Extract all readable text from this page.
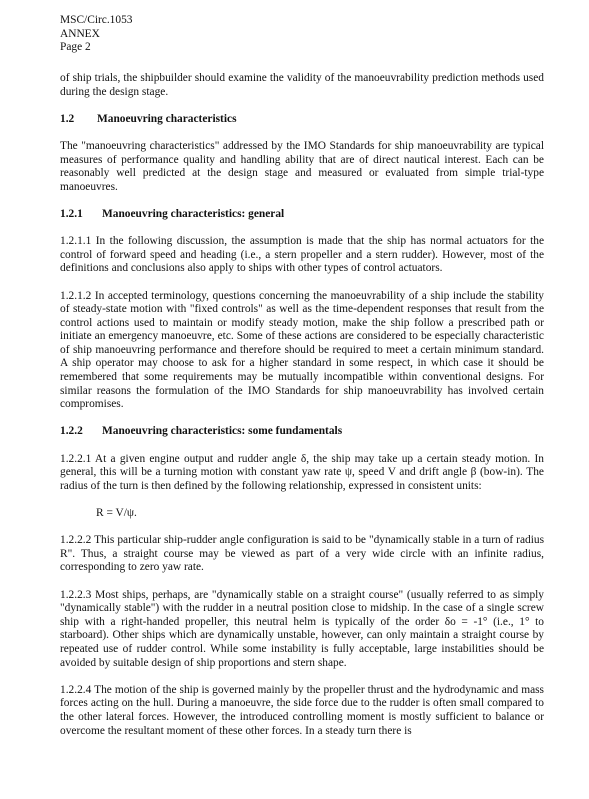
MSC/Circ.1053
ANNEX
Page 2

of ship trials, the shipbuilder should examine the validity of the manoeuvrability prediction methods used during the design stage.

1.2 Manoeuvring characteristics

The "manoeuvring characteristics" addressed by the IMO Standards for ship manoeuvrability are typical measures of performance quality and handling ability that are of direct nautical interest. Each can be reasonably well predicted at the design stage and measured or evaluated from simple trial-type manoeuvres.

1.2.1 Manoeuvring characteristics: general

1.2.1.1 In the following discussion, the assumption is made that the ship has normal actuators for the control of forward speed and heading (i.e., a stern propeller and a stern rudder). However, most of the definitions and conclusions also apply to ships with other types of control actuators.

1.2.1.2 In accepted terminology, questions concerning the manoeuvrability of a ship include the stability of steady-state motion with "fixed controls" as well as the time-dependent responses that result from the control actions used to maintain or modify steady motion, make the ship follow a prescribed path or initiate an emergency manoeuvre, etc. Some of these actions are considered to be especially characteristic of ship manoeuvring performance and therefore should be required to meet a certain minimum standard. A ship operator may choose to ask for a higher standard in some respect, in which case it should be remembered that some requirements may be mutually incompatible within conventional designs. For similar reasons the formulation of the IMO Standards for ship manoeuvrability has involved certain compromises.

1.2.2 Manoeuvring characteristics: some fundamentals

1.2.2.1 At a given engine output and rudder angle δ, the ship may take up a certain steady motion. In general, this will be a turning motion with constant yaw rate ψ, speed V and drift angle β (bow-in). The radius of the turn is then defined by the following relationship, expressed in consistent units:

R = V/ψ.

1.2.2.2 This particular ship-rudder angle configuration is said to be "dynamically stable in a turn of radius R". Thus, a straight course may be viewed as part of a very wide circle with an infinite radius, corresponding to zero yaw rate.

1.2.2.3 Most ships, perhaps, are "dynamically stable on a straight course" (usually referred to as simply "dynamically stable") with the rudder in a neutral position close to midship. In the case of a single screw ship with a right-handed propeller, this neutral helm is typically of the order δo = -1° (i.e., 1° to starboard). Other ships which are dynamically unstable, however, can only maintain a straight course by repeated use of rudder control. While some instability is fully acceptable, large instabilities should be avoided by suitable design of ship proportions and stern shape.

1.2.2.4 The motion of the ship is governed mainly by the propeller thrust and the hydrodynamic and mass forces acting on the hull. During a manoeuvre, the side force due to the rudder is often small compared to the other lateral forces. However, the introduced controlling moment is mostly sufficient to balance or overcome the resultant moment of these other forces. In a steady turn there is
